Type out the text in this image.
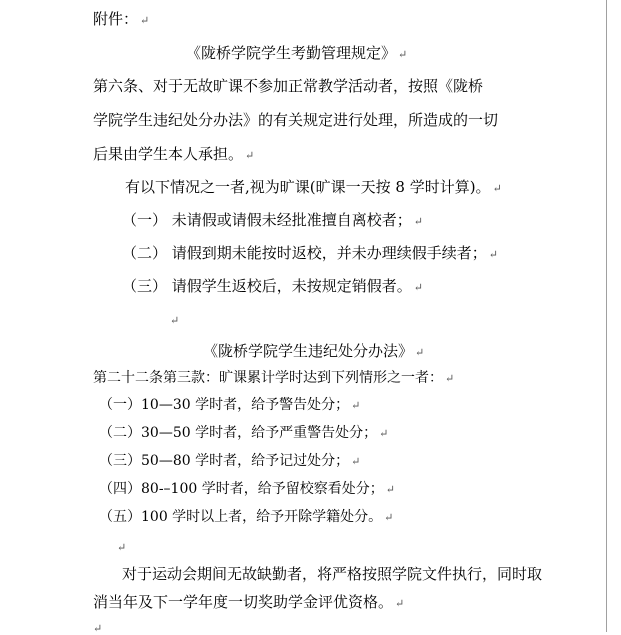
附件： ↵
《陇桥学院学生考勤管理规定》 ↵
第六条、对于无故旷课不参加正常教学活动者，按照《陇桥
学院学生违纪处分办法》的有关规定进行处理，所造成的一切
后果由学生本人承担。 ↵
有以下情况之一者,视为旷课(旷课一天按 8 学时计算)。 ↵
（一） 未请假或请假未经批准擅自离校者； ↵
（二） 请假到期未能按时返校，并未办理续假手续者； ↵
（三） 请假学生返校后，未按规定销假者。 ↵
↵
《陇桥学院学生违纪处分办法》 ↵
第二十二条第三款：旷课累计学时达到下列情形之一者： ↵
（一）10—30 学时者，给予警告处分； ↵
（二）30—50 学时者，给予严重警告处分； ↵
（三）50—80 学时者，给予记过处分； ↵
（四）80-–100 学时者，给予留校察看处分； ↵
（五）100 学时以上者，给予开除学籍处分。 ↵
↵
对于运动会期间无故缺勤者，将严格按照学院文件执行，同时取
消当年及下一学年度一切奖助学金评优资格。 ↵
↵
